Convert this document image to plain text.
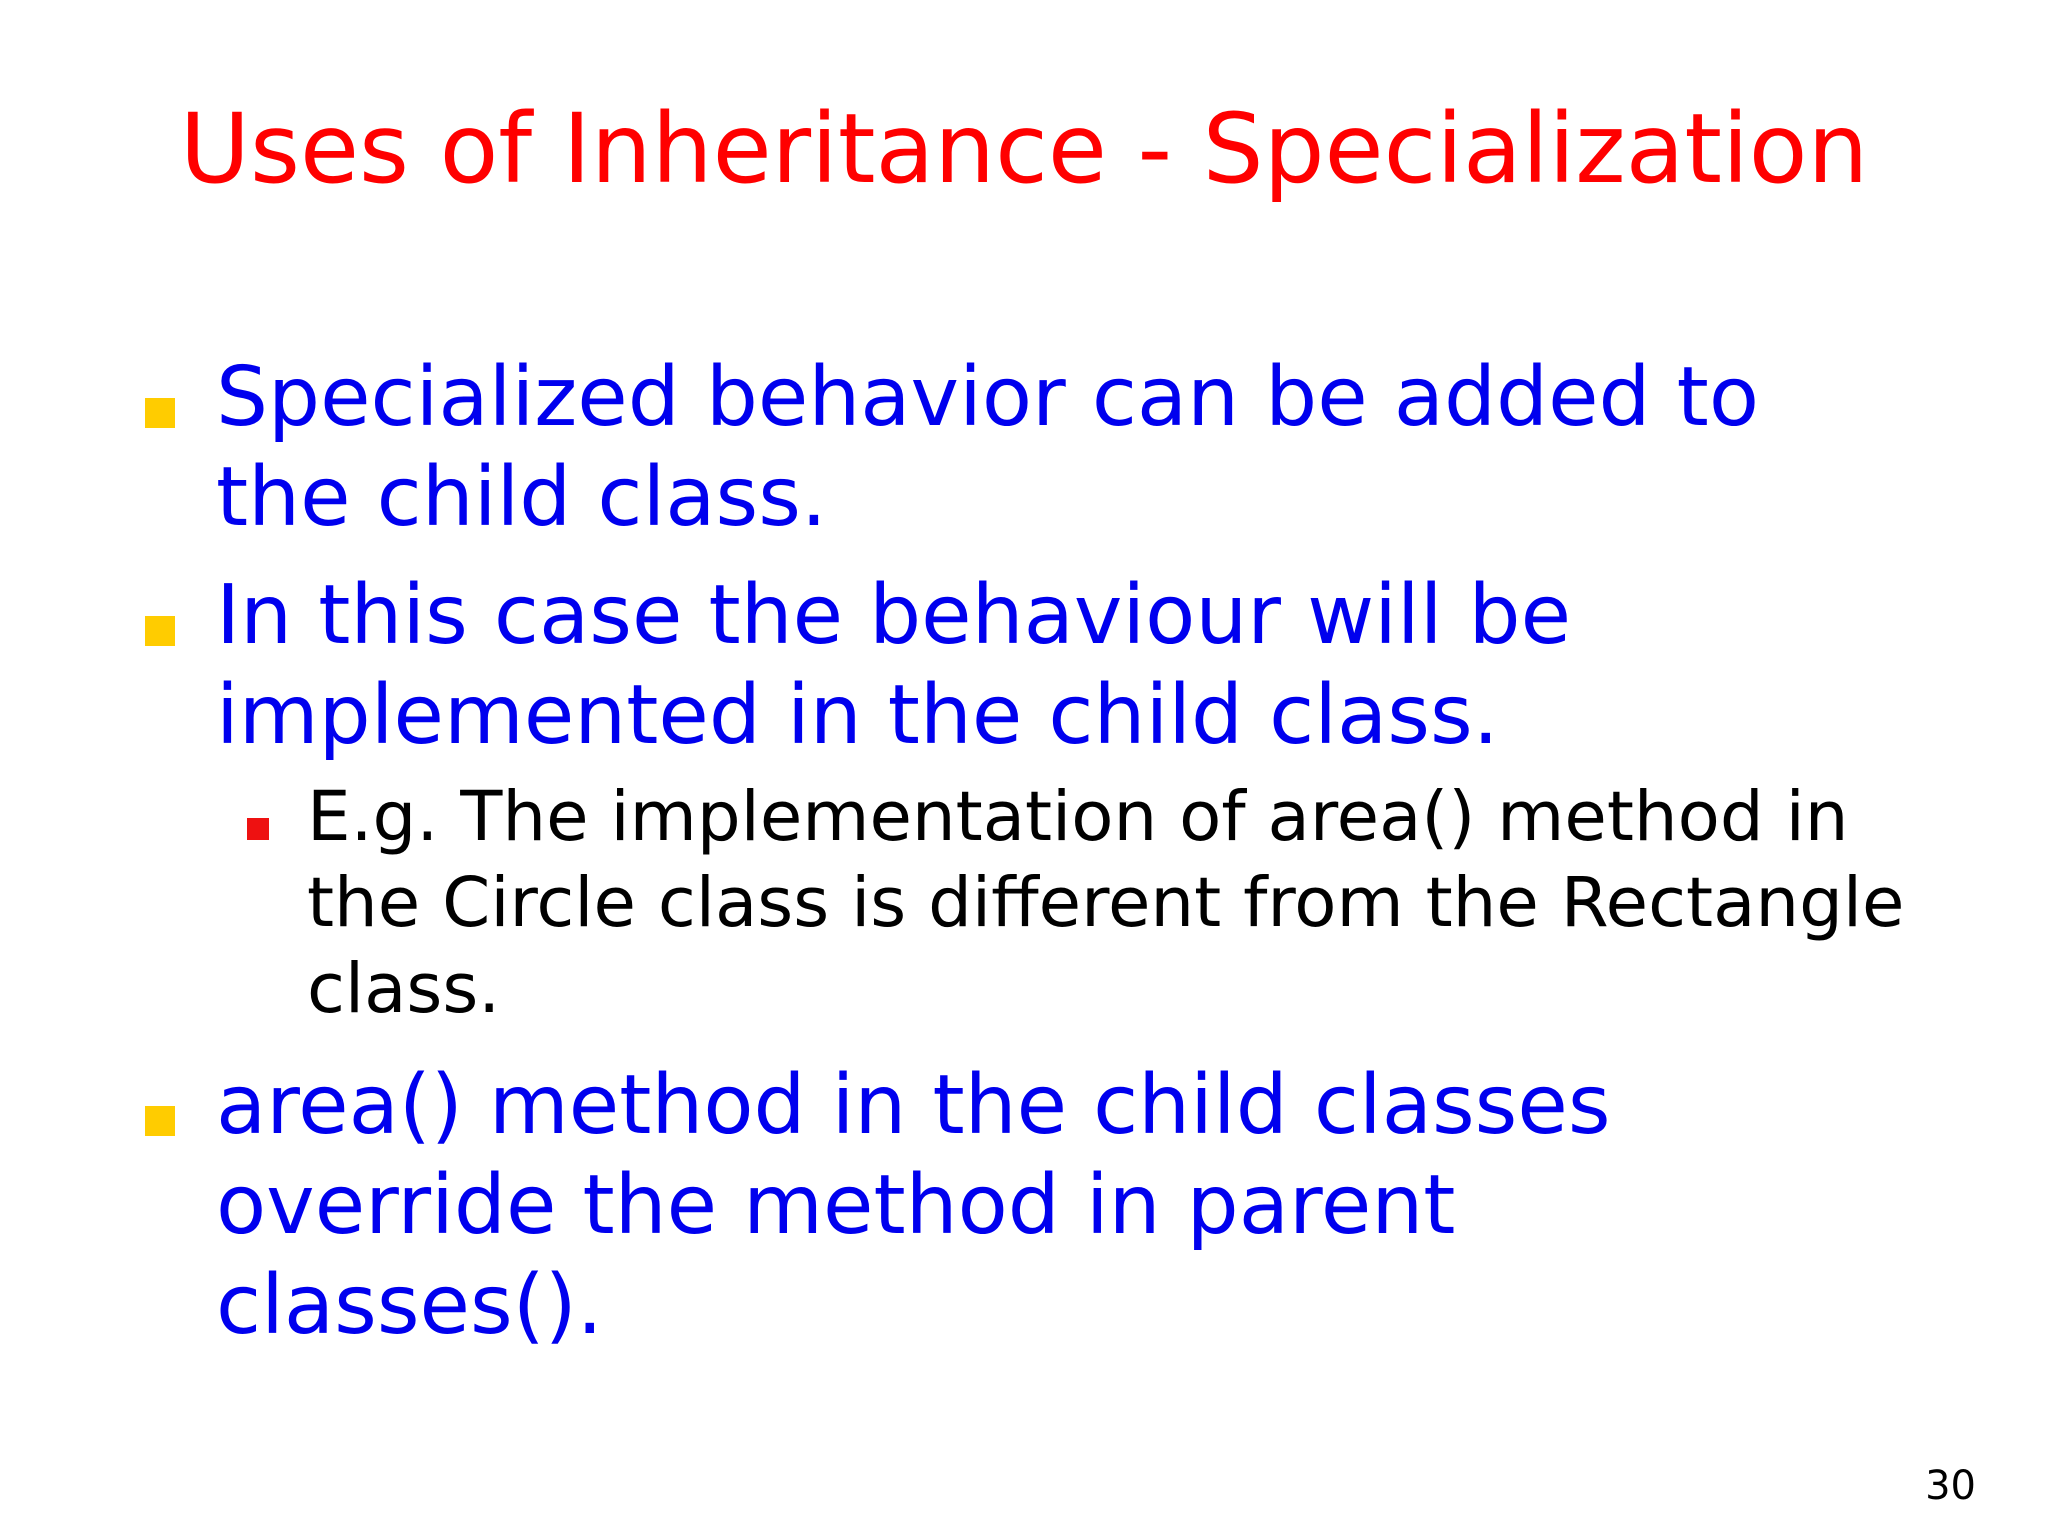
Uses of Inheritance - Specialization
Specialized behavior can be added to the child class.
In this case the behaviour will be implemented in the child class.
E.g. The implementation of area() method in the Circle class is different from the Rectangle class.
area() method in the child classes override the method in parent classes().
30
